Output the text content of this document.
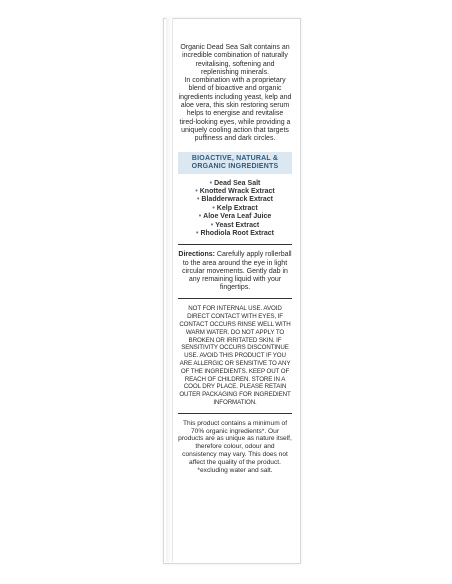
Organic Dead Sea Salt contains an incredible combination of naturally revitalising, softening and replenishing minerals.

In combination with a proprietary blend of bioactive and organic ingredients including yeast, kelp and aloe vera, this skin restoring serum helps to energise and revitalise tired-looking eyes, while providing a uniquely cooling action that targets puffiness and dark circles.

BIOACTIVE, NATURAL &
ORGANIC INGREDIENTS
• Dead Sea Salt
• Knotted Wrack Extract
• Bladderwrack Extract
• Kelp Extract
• Aloe Vera Leaf Juice
• Yeast Extract
• Rhodiola Root Extract
Directions: Carefully apply rollerball to the area around the eye in light circular movements. Gently dab in any remaining liquid with your fingertips.
NOT FOR INTERNAL USE. AVOID DIRECT CONTACT WITH EYES, IF CONTACT OCCURS RINSE WELL WITH WARM WATER. DO NOT APPLY TO BROKEN OR IRRITATED SKIN. IF SENSITIVITY OCCURS DISCONTINUE USE. AVOID THIS PRODUCT IF YOU ARE ALLERGIC OR SENSITIVE TO ANY OF THE INGREDIENTS. KEEP OUT OF REACH OF CHILDREN. STORE IN A COOL DRY PLACE. PLEASE RETAIN OUTER PACKAGING FOR INGREDIENT INFORMATION.
This product contains a minimum of 70% organic ingredients*. Our products are as unique as nature itself, therefore colour, odour and consistency may vary. This does not affect the quality of the product. *excluding water and salt.
